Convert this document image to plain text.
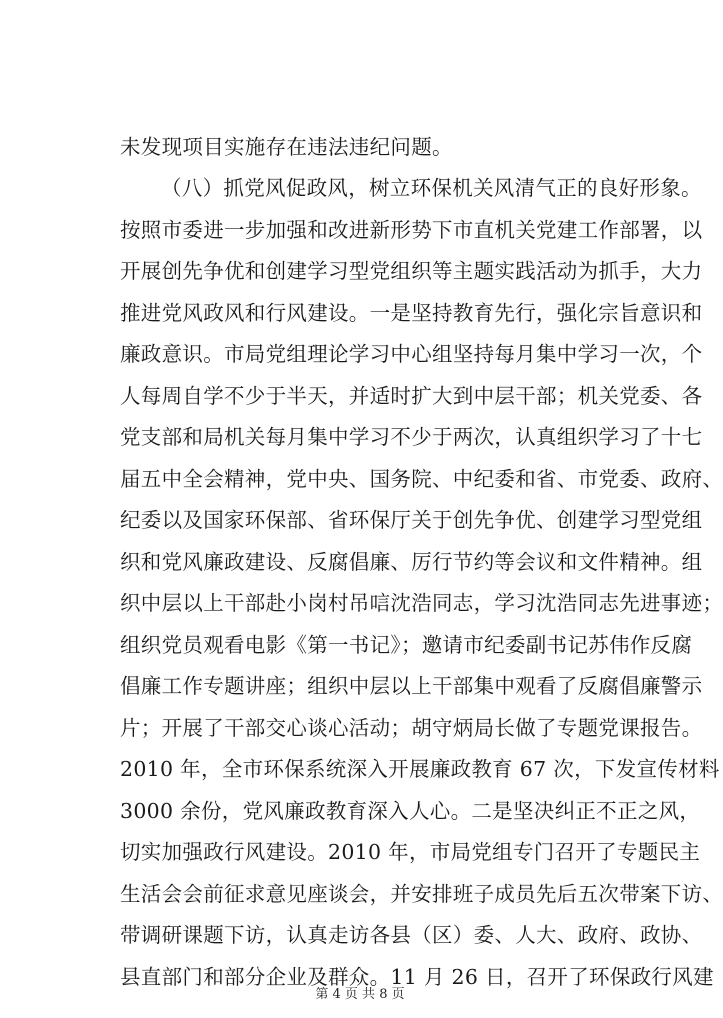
未发现项目实施存在违法违纪问题。
（八）抓党风促政风，树立环保机关风清气正的良好形象。
按照市委进一步加强和改进新形势下市直机关党建工作部署，以
开展创先争优和创建学习型党组织等主题实践活动为抓手，大力
推进党风政风和行风建设。一是坚持教育先行，强化宗旨意识和
廉政意识。市局党组理论学习中心组坚持每月集中学习一次，个
人每周自学不少于半天，并适时扩大到中层干部；机关党委、各
党支部和局机关每月集中学习不少于两次，认真组织学习了十七
届五中全会精神，党中央、国务院、中纪委和省、市党委、政府、
纪委以及国家环保部、省环保厅关于创先争优、创建学习型党组
织和党风廉政建设、反腐倡廉、厉行节约等会议和文件精神。组
织中层以上干部赴小岗村吊唁沈浩同志，学习沈浩同志先进事迹；
组织党员观看电影《第一书记》；邀请市纪委副书记苏伟作反腐
倡廉工作专题讲座；组织中层以上干部集中观看了反腐倡廉警示
片；开展了干部交心谈心活动；胡守炳局长做了专题党课报告。
2010 年，全市环保系统深入开展廉政教育 67 次，下发宣传材料
3000 余份，党风廉政教育深入人心。二是坚决纠正不正之风，
切实加强政行风建设。2010 年，市局党组专门召开了专题民主
生活会会前征求意见座谈会，并安排班子成员先后五次带案下访、
带调研课题下访，认真走访各县（区）委、人大、政府、政协、
县直部门和部分企业及群众。11 月 26 日，召开了环保政行风建
第 4 页 共 8 页
